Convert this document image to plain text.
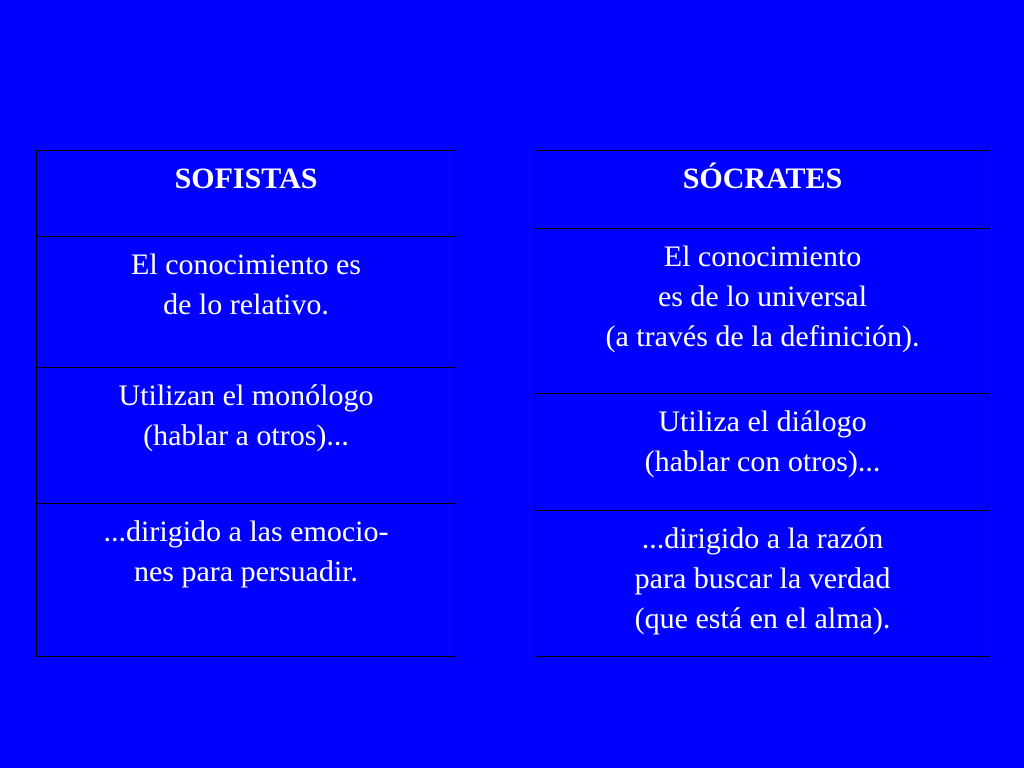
SOFISTAS
El conocimiento es
de lo relativo.
Utilizan el monólogo
(hablar a otros)...
...dirigido a las emocio-
nes para persuadir.
SÓCRATES
El conocimiento
es de lo universal
(a través de la definición).
Utiliza el diálogo
(hablar con otros)...
...dirigido a la razón
para buscar la verdad
(que está en el alma).
